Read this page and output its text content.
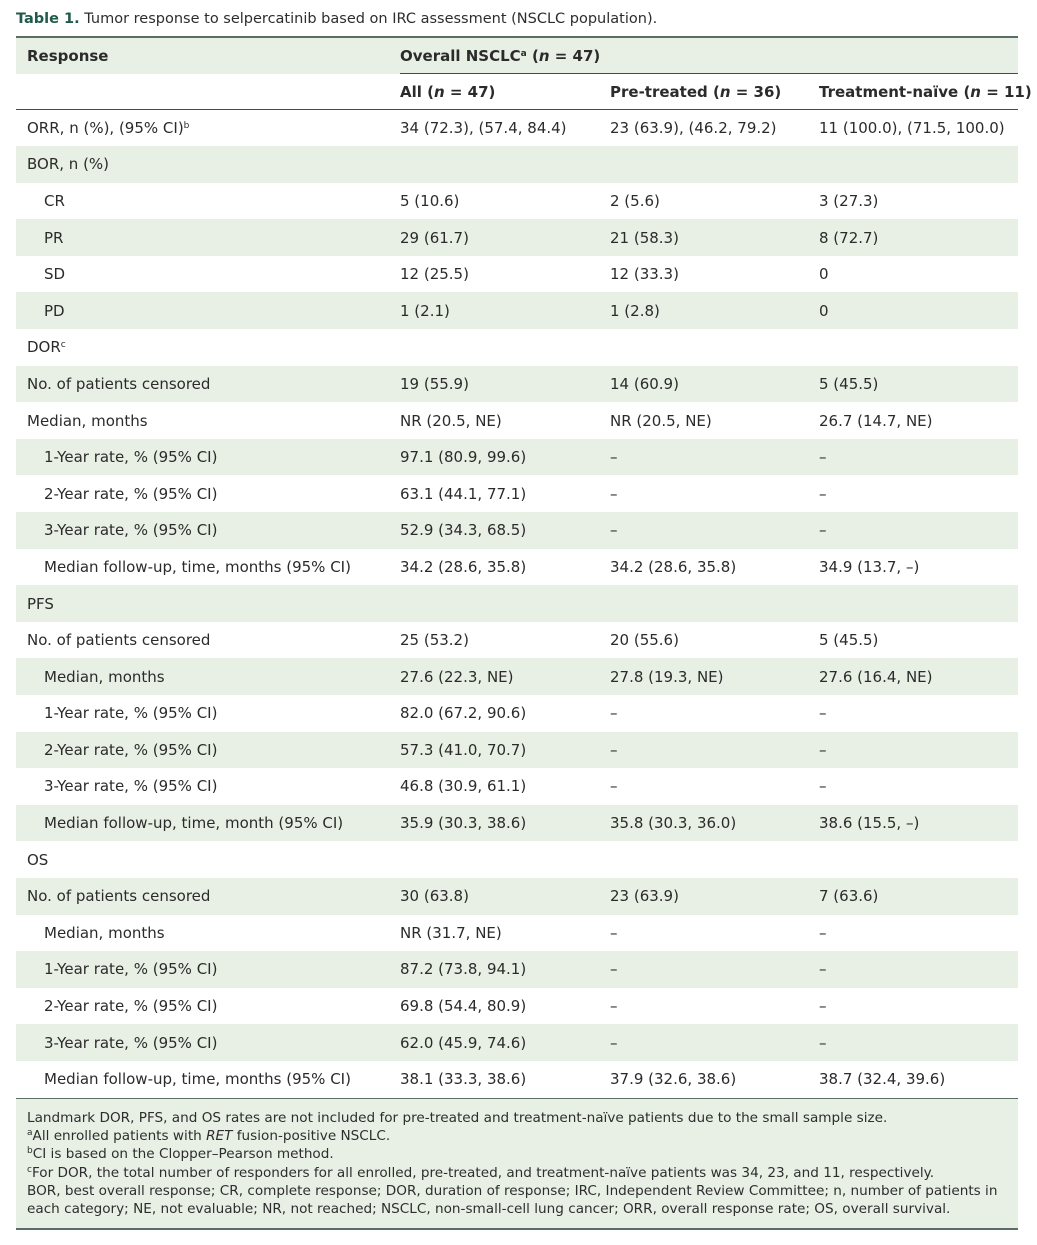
Table 1. Tumor response to selpercatinib based on IRC assessment (NSCLC population).
Response	Overall NSCLC$^a$ (n = 47)
All (n = 47)	Pre-treated (n = 36)	Treatment-naïve (n = 11)
ORR, n (%), (95% CI)$^b$	34 (72.3), (57.4, 84.4)	23 (63.9), (46.2, 79.2)	11 (100.0), (71.5, 100.0)
BOR, n (%)
CR	5 (10.6)	2 (5.6)	3 (27.3)
PR	29 (61.7)	21 (58.3)	8 (72.7)
SD	12 (25.5)	12 (33.3)	0
PD	1 (2.1)	1 (2.8)	0
DOR$^c$
No. of patients censored	19 (55.9)	14 (60.9)	5 (45.5)
Median, months	NR (20.5, NE)	NR (20.5, NE)	26.7 (14.7, NE)
1-Year rate, % (95% CI)	97.1 (80.9, 99.6)	–	–
2-Year rate, % (95% CI)	63.1 (44.1, 77.1)	–	–
3-Year rate, % (95% CI)	52.9 (34.3, 68.5)	–	–
Median follow-up, time, months (95% CI)	34.2 (28.6, 35.8)	34.2 (28.6, 35.8)	34.9 (13.7, –)
PFS
No. of patients censored	25 (53.2)	20 (55.6)	5 (45.5)
Median, months	27.6 (22.3, NE)	27.8 (19.3, NE)	27.6 (16.4, NE)
1-Year rate, % (95% CI)	82.0 (67.2, 90.6)	–	–
2-Year rate, % (95% CI)	57.3 (41.0, 70.7)	–	–
3-Year rate, % (95% CI)	46.8 (30.9, 61.1)	–	–
Median follow-up, time, month (95% CI)	35.9 (30.3, 38.6)	35.8 (30.3, 36.0)	38.6 (15.5, –)
OS
No. of patients censored	30 (63.8)	23 (63.9)	7 (63.6)
Median, months	NR (31.7, NE)	–	–
1-Year rate, % (95% CI)	87.2 (73.8, 94.1)	–	–
2-Year rate, % (95% CI)	69.8 (54.4, 80.9)	–	–
3-Year rate, % (95% CI)	62.0 (45.9, 74.6)	–	–
Median follow-up, time, months (95% CI)	38.1 (33.3, 38.6)	37.9 (32.6, 38.6)	38.7 (32.4, 39.6)

Landmark DOR, PFS, and OS rates are not included for pre-treated and treatment-naïve patients due to the small sample size.

$^a$All enrolled patients with RET fusion-positive NSCLC.

$^b$CI is based on the Clopper–Pearson method.

$^c$For DOR, the total number of responders for all enrolled, pre-treated, and treatment-naïve patients was 34, 23, and 11, respectively.

BOR, best overall response; CR, complete response; DOR, duration of response; IRC, Independent Review Committee; n, number of patients in each category; NE, not evaluable; NR, not reached; NSCLC, non-small-cell lung cancer; ORR, overall response rate; OS, overall survival.
